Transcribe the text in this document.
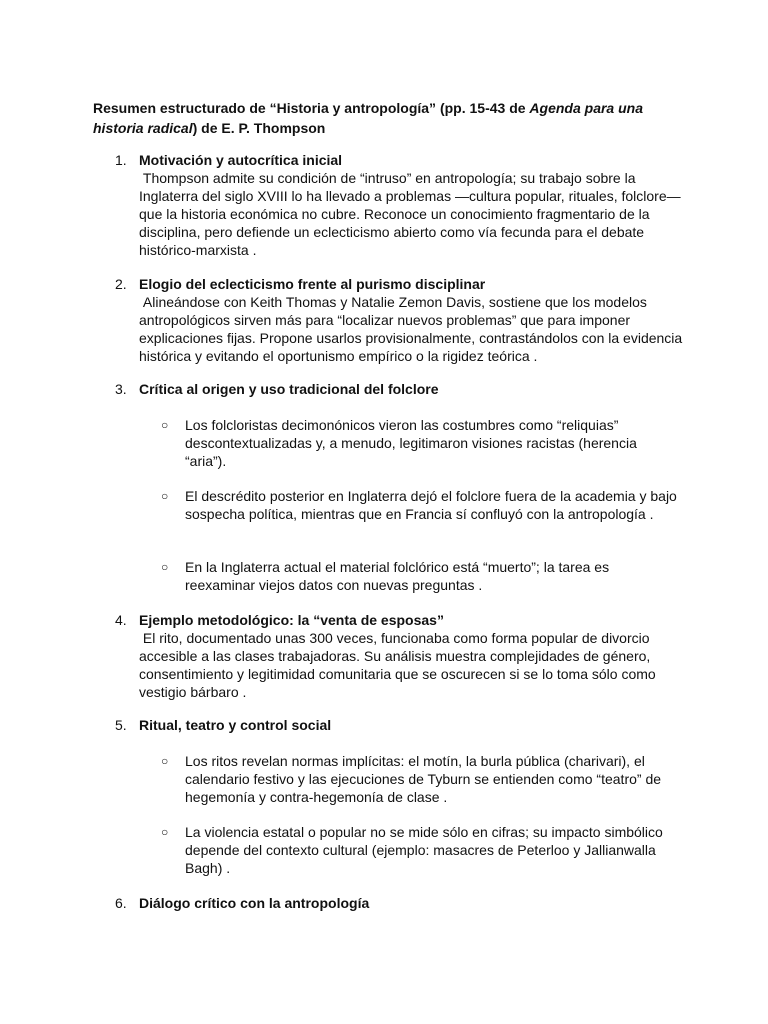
Resumen estructurado de “Historia y antropología” (pp. 15-43 de Agenda para una historia radical) de E. P. Thompson
1. Motivación y autocrítica inicial
Thompson admite su condición de “intruso” en antropología; su trabajo sobre la Inglaterra del siglo XVIII lo ha llevado a problemas —cultura popular, rituales, folclore— que la historia económica no cubre. Reconoce un conocimiento fragmentario de la disciplina, pero defiende un eclecticismo abierto como vía fecunda para el debate histórico-marxista .
2. Elogio del eclecticismo frente al purismo disciplinar
Alineándose con Keith Thomas y Natalie Zemon Davis, sostiene que los modelos antropológicos sirven más para “localizar nuevos problemas” que para imponer explicaciones fijas. Propone usarlos provisionalmente, contrastándolos con la evidencia histórica y evitando el oportunismo empírico o la rigidez teórica .
3. Crítica al origen y uso tradicional del folclore
○ Los folcloristas decimonónicos vieron las costumbres como “reliquias” descontextualizadas y, a menudo, legitimaron visiones racistas (herencia “aria”).
○ El descrédito posterior en Inglaterra dejó el folclore fuera de la academia y bajo sospecha política, mientras que en Francia sí confluyó con la antropología .
○ En la Inglaterra actual el material folclórico está “muerto”; la tarea es reexaminar viejos datos con nuevas preguntas .
4. Ejemplo metodológico: la “venta de esposas”
El rito, documentado unas 300 veces, funcionaba como forma popular de divorcio accesible a las clases trabajadoras. Su análisis muestra complejidades de género, consentimiento y legitimidad comunitaria que se oscurecen si se lo toma sólo como vestigio bárbaro .
5. Ritual, teatro y control social
○ Los ritos revelan normas implícitas: el motín, la burla pública (charivari), el calendario festivo y las ejecuciones de Tyburn se entienden como “teatro” de hegemonía y contra-hegemonía de clase .
○ La violencia estatal o popular no se mide sólo en cifras; su impacto simbólico depende del contexto cultural (ejemplo: masacres de Peterloo y Jallianwalla Bagh) .
6. Diálogo crítico con la antropología
